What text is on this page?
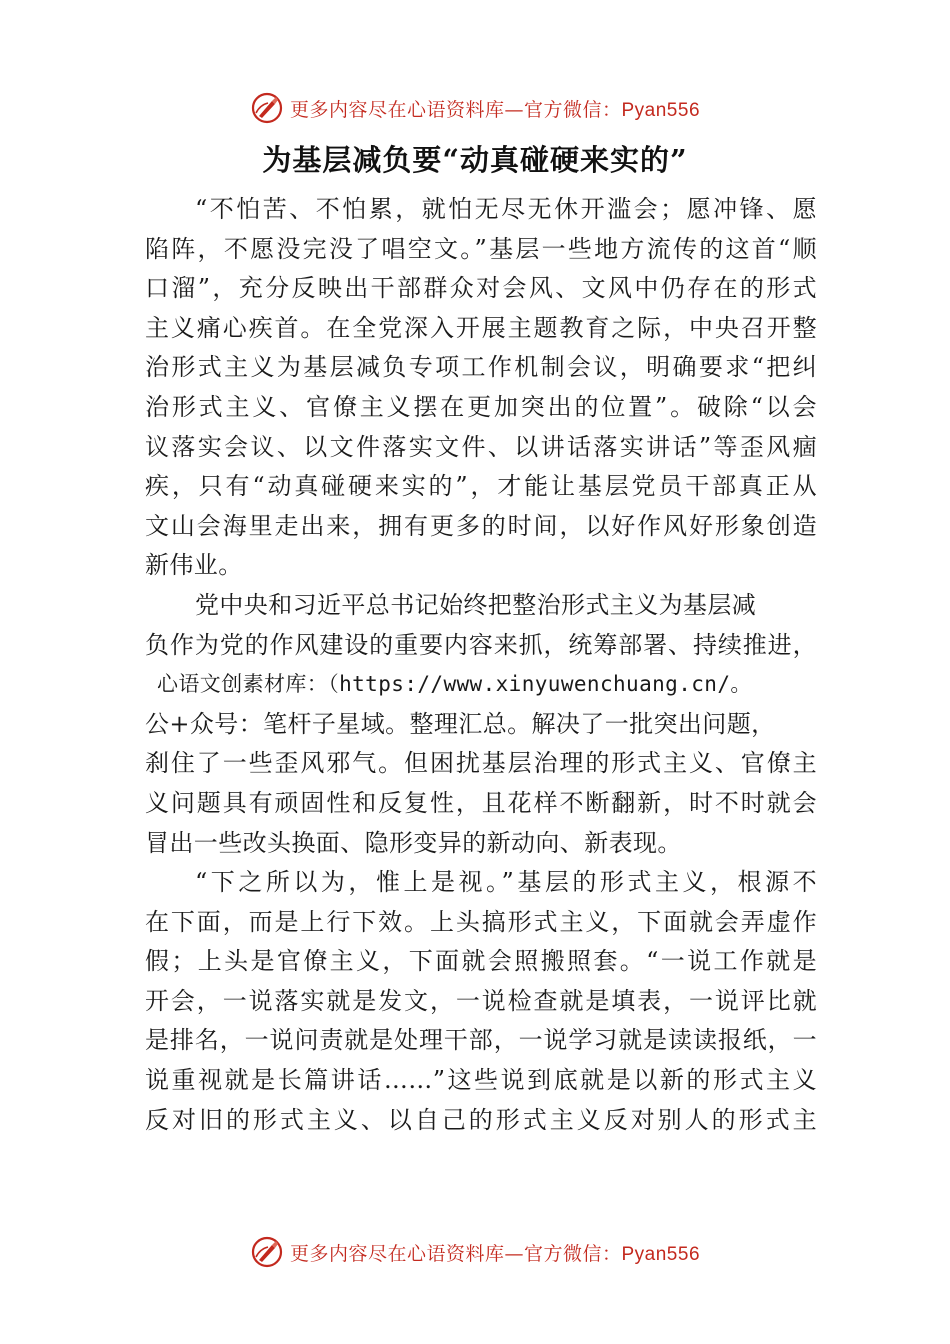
更多内容尽在心语资料库—官方微信：Pyan556
为基层减负要“动真碰硬来实的”
“不怕苦、不怕累，就怕无尽无休开滥会；愿冲锋、愿
陷阵，不愿没完没了唱空文。”基层一些地方流传的这首“顺
口溜”，充分反映出干部群众对会风、文风中仍存在的形式
主义痛心疾首。在全党深入开展主题教育之际，中央召开整
治形式主义为基层减负专项工作机制会议，明确要求“把纠
治形式主义、官僚主义摆在更加突出的位置”。破除“以会
议落实会议、以文件落实文件、以讲话落实讲话”等歪风痼
疾，只有“动真碰硬来实的”，才能让基层党员干部真正从
文山会海里走出来，拥有更多的时间，以好作风好形象创造
新伟业。
党中央和习近平总书记始终把整治形式主义为基层减
负作为党的作风建设的重要内容来抓，统筹部署、持续推进，
心语文创素材库：（https://www.xinyuwenchuang.cn/。
公+众号：笔杆子星域。整理汇总。解决了一批突出问题，
刹住了一些歪风邪气。但困扰基层治理的形式主义、官僚主
义问题具有顽固性和反复性，且花样不断翻新，时不时就会
冒出一些改头换面、隐形变异的新动向、新表现。
“下之所以为，惟上是视。”基层的形式主义，根源不
在下面，而是上行下效。上头搞形式主义，下面就会弄虚作
假；上头是官僚主义，下面就会照搬照套。“一说工作就是
开会，一说落实就是发文，一说检查就是填表，一说评比就
是排名，一说问责就是处理干部，一说学习就是读读报纸，一
说重视就是长篇讲话……”这些说到底就是以新的形式主义
反对旧的形式主义、以自己的形式主义反对别人的形式主
更多内容尽在心语资料库—官方微信：Pyan556
